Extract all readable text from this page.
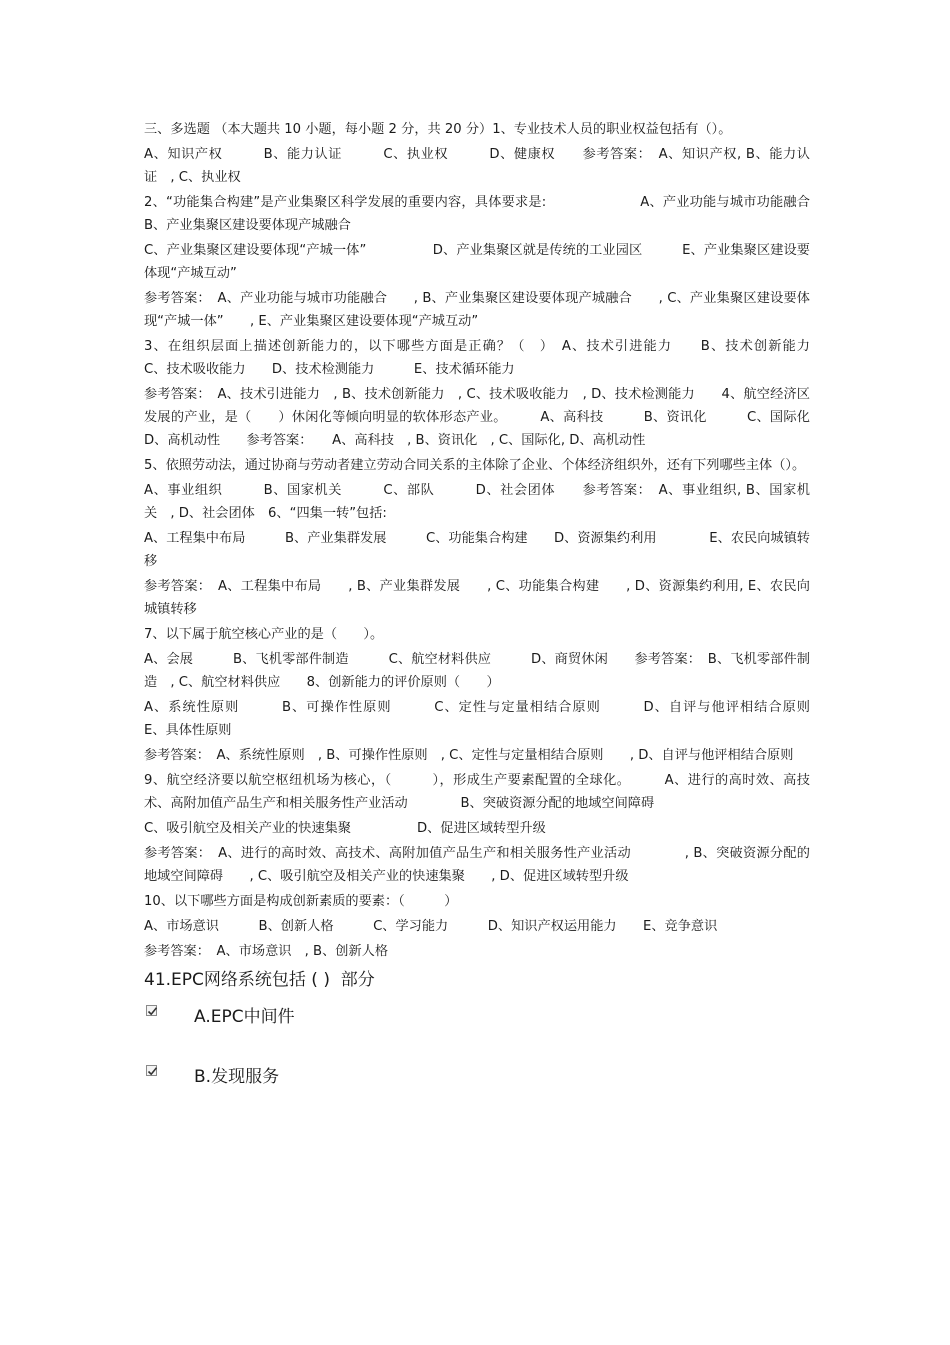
三、多选题 （本大题共 10 小题，每小题 2 分，共 20 分）1、专业技术人员的职业权益包括有（）。

A、知识产权　　　B、能力认证　　　C、执业权　　　D、健康权　　参考答案：　A、知识产权, B、能力认证　, C、执业权

2、“功能集合构建”是产业集聚区科学发展的重要内容，具体要求是:　　　　　　　A、产业功能与城市功能融合　　　B、产业集聚区建设要体现产城融合

C、产业集聚区建设要体现“产城一体”　　　　　D、产业集聚区就是传统的工业园区　　　E、产业集聚区建设要体现“产城互动”

参考答案：　A、产业功能与城市功能融合　　, B、产业集聚区建设要体现产城融合　　, C、产业集聚区建设要体现“产城一体”　　, E、产业集聚区建设要体现“产城互动”

3、在组织层面上描述创新能力的，以下哪些方面是正确？（　）　A、技术引进能力　　B、技术创新能力　　　C、技术吸收能力　　D、技术检测能力　　　E、技术循环能力

参考答案：　A、技术引进能力　, B、技术创新能力　, C、技术吸收能力　, D、技术检测能力　　4、航空经济区发展的产业，是（　　）休闲化等倾向明显的软体形态产业。　　　A、高科技　　　B、资讯化　　　C、国际化　　　D、高机动性　　参考答案：　　A、高科技　, B、资讯化　, C、国际化, D、高机动性

5、依照劳动法，通过协商与劳动者建立劳动合同关系的主体除了企业、个体经济组织外，还有下列哪些主体（）。

A、事业组织　　　B、国家机关　　　C、部队　　　D、社会团体　　参考答案：　A、事业组织, B、国家机关　, D、社会团体　6、“四集一转”包括:

A、工程集中布局　　　B、产业集群发展　　　C、功能集合构建　　D、资源集约利用　　　　E、农民向城镇转移

参考答案：　A、工程集中布局　　, B、产业集群发展　　, C、功能集合构建　　, D、资源集约利用, E、农民向城镇转移

7、以下属于航空核心产业的是（　　）。

A、会展　　　B、飞机零部件制造　　　C、航空材料供应　　　D、商贸休闲　　参考答案：　B、飞机零部件制造　, C、航空材料供应　　8、创新能力的评价原则（　　）

A、系统性原则　　　B、可操作性原则　　　C、定性与定量相结合原则　　　D、自评与他评相结合原则　　　E、具体性原则

参考答案：　A、系统性原则　, B、可操作性原则　, C、定性与定量相结合原则　　, D、自评与他评相结合原则

9、航空经济要以航空枢纽机场为核心，（　　　），形成生产要素配置的全球化。　　　A、进行的高时效、高技术、高附加值产品生产和相关服务性产业活动　　　　B、突破资源分配的地域空间障碍

C、吸引航空及相关产业的快速集聚　　　　　D、促进区域转型升级

参考答案：　A、进行的高时效、高技术、高附加值产品生产和相关服务性产业活动　　　　, B、突破资源分配的地域空间障碍　　, C、吸引航空及相关产业的快速集聚　　, D、促进区域转型升级

10、以下哪些方面是构成创新素质的要素：（　　　）

A、市场意识　　　B、创新人格　　　C、学习能力　　　D、知识产权运用能力　　E、竞争意识

参考答案：　A、市场意识　, B、创新人格

41.EPC网络系统包括 ( )  部分

A.EPC中间件
B.发现服务
